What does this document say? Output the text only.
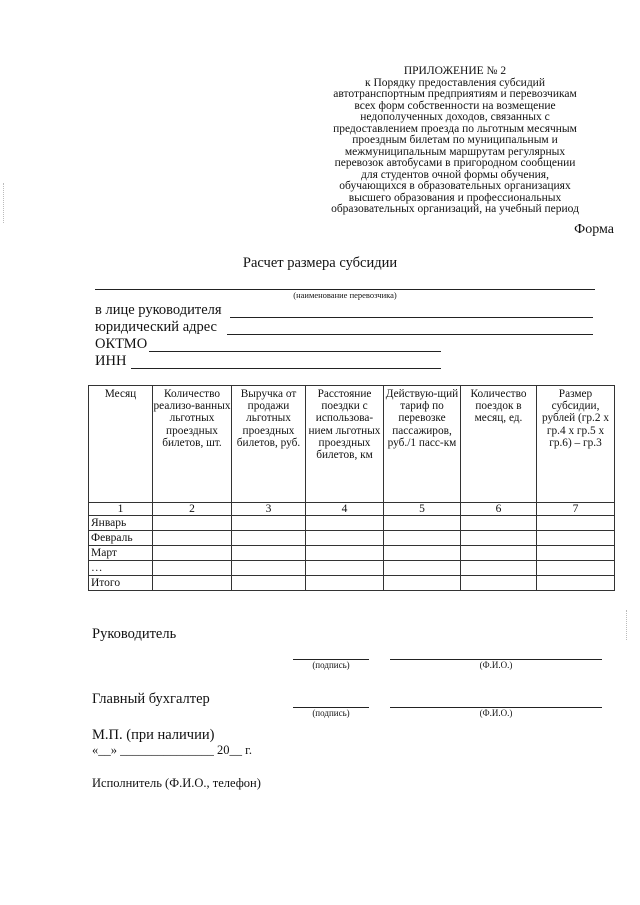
ПРИЛОЖЕНИЕ № 2
к Порядку предоставления субсидий
автотранспортным предприятиям и перевозчикам
всех форм собственности на возмещение
недополученных доходов, связанных с
предоставлением проезда по льготным месячным
проездным билетам по муниципальным и
межмуниципальным маршрутам регулярных
перевозок автобусами в пригородном сообщении
для студентов очной формы обучения,
обучающихся в образовательных организациях
высшего образования и профессиональных
образовательных организаций, на учебный период
Форма
Расчет размера субсидии
(наименование перевозчика)
в лице руководителя
юридический адрес
ОКТМО
ИНН
Месяц	Количество реализо-ванных льготных проездных билетов, шт.	Выручка от продажи льготных проездных билетов, руб.	Расстояние поездки с использова-нием льготных проездных билетов, км	Действую-щий тариф по перевозке пассажиров, руб./1 пасс-км	Количество поездок в месяц, ед.	Размер субсидии, рублей (гр.2 х гр.4 х гр.5 х гр.6) – гр.3
1	2	3	4	5	6	7
Январь						
Февраль						
Март						
…						
Итого						
Руководитель
(подпись)	(Ф.И.О.)
Главный бухгалтер
(подпись)	(Ф.И.О.)
М.П. (при наличии)
«__» _______________ 20__ г.
Исполнитель (Ф.И.О., телефон)
